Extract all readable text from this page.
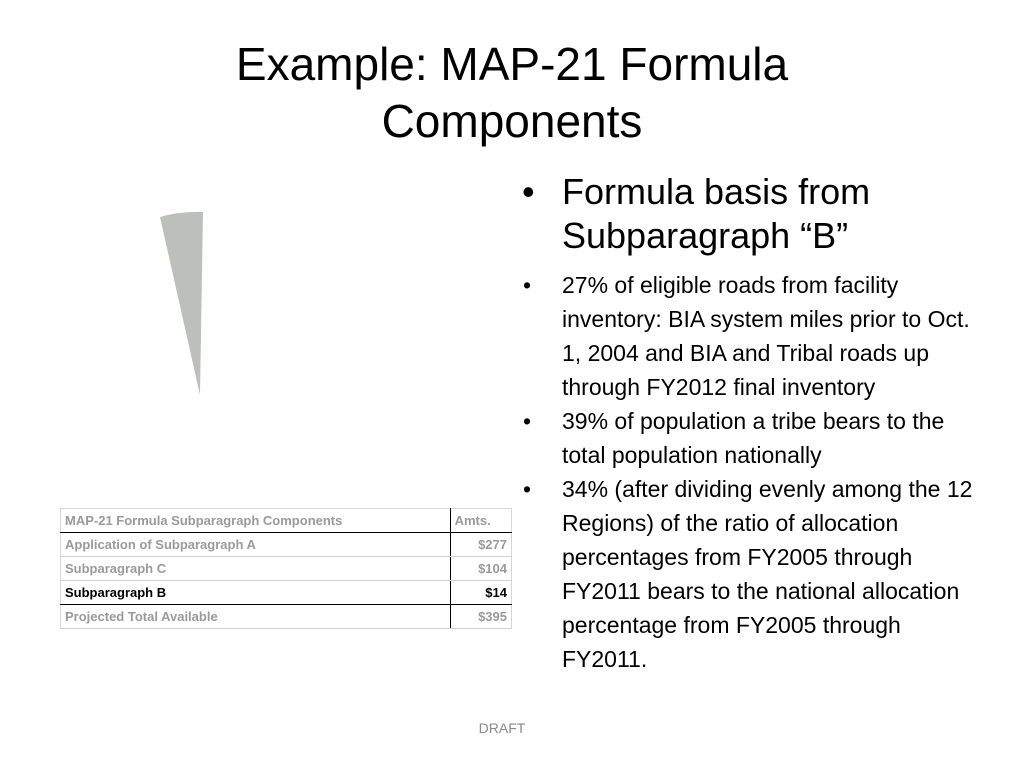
Example: MAP-21 Formula Components
• Formula basis from Subparagraph “B”
• 27% of eligible roads from facility inventory: BIA system miles prior to Oct. 1, 2004 and BIA and Tribal roads up through FY2012 final inventory
• 39% of population a tribe bears to the total population nationally
• 34% (after dividing evenly among the 12 Regions) of the ratio of allocation percentages from FY2005 through FY2011 bears to the national allocation percentage from FY2005 through FY2011.
MAP-21 Formula Subparagraph Components	Amts.
Application of Subparagraph A	$277
Subparagraph C	$104
Subparagraph B	$14
Projected Total Available	$395
DRAFT
